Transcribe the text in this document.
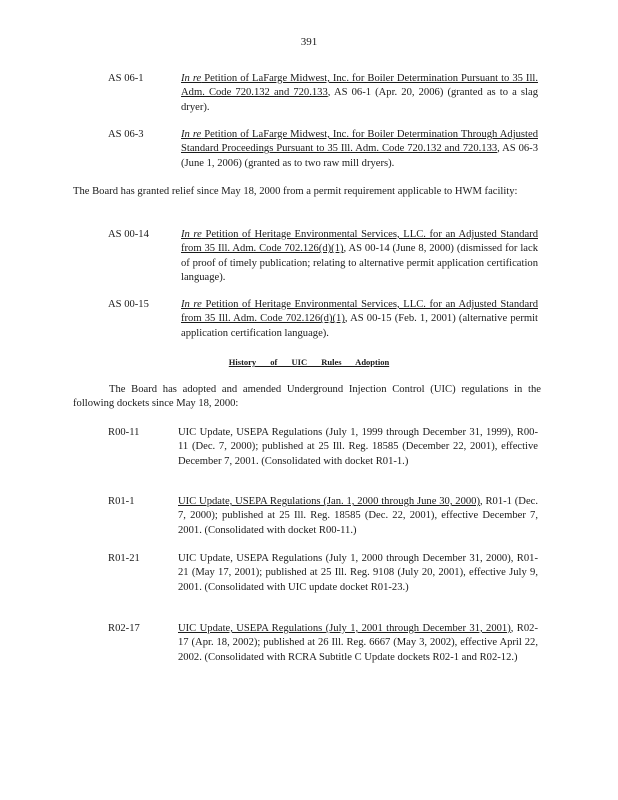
391
AS 06-1	In re Petition of LaFarge Midwest, Inc. for Boiler Determination Pursuant to 35 Ill. Adm. Code 720.132 and 720.133, AS 06-1 (Apr. 20, 2006) (granted as to a slag dryer).
AS 06-3	In re Petition of LaFarge Midwest, Inc. for Boiler Determination Through Adjusted Standard Proceedings Pursuant to 35 Ill. Adm. Code 720.132 and 720.133, AS 06-3 (June 1, 2006) (granted as to two raw mill dryers).
The Board has granted relief since May 18, 2000 from a permit requirement applicable to HWM facility:
AS 00-14	In re Petition of Heritage Environmental Services, LLC. for an Adjusted Standard from 35 Ill. Adm. Code 702.126(d)(1), AS 00-14 (June 8, 2000) (dismissed for lack of proof of timely publication; relating to alternative permit application certification language).
AS 00-15	In re Petition of Heritage Environmental Services, LLC. for an Adjusted Standard from 35 Ill. Adm. Code 702.126(d)(1), AS 00-15 (Feb. 1, 2001) (alternative permit application certification language).
History of UIC Rules Adoption
The Board has adopted and amended Underground Injection Control (UIC) regulations in the following dockets since May 18, 2000:
R00-11	UIC Update, USEPA Regulations (July 1, 1999 through December 31, 1999), R00-11 (Dec. 7, 2000); published at 25 Ill. Reg. 18585 (December 22, 2001), effective December 7, 2001. (Consolidated with docket R01-1.)
R01-1	UIC Update, USEPA Regulations (Jan. 1, 2000 through June 30, 2000), R01-1 (Dec. 7, 2000); published at 25 Ill. Reg. 18585 (Dec. 22, 2001), effective December 7, 2001. (Consolidated with docket R00-11.)
R01-21	UIC Update, USEPA Regulations (July 1, 2000 through December 31, 2000), R01-21 (May 17, 2001); published at 25 Ill. Reg. 9108 (July 20, 2001), effective July 9, 2001. (Consolidated with UIC update docket R01-23.)
R02-17	UIC Update, USEPA Regulations (July 1, 2001 through December 31, 2001), R02-17 (Apr. 18, 2002); published at 26 Ill. Reg. 6667 (May 3, 2002), effective April 22, 2002. (Consolidated with RCRA Subtitle C Update dockets R02-1 and R02-12.)
